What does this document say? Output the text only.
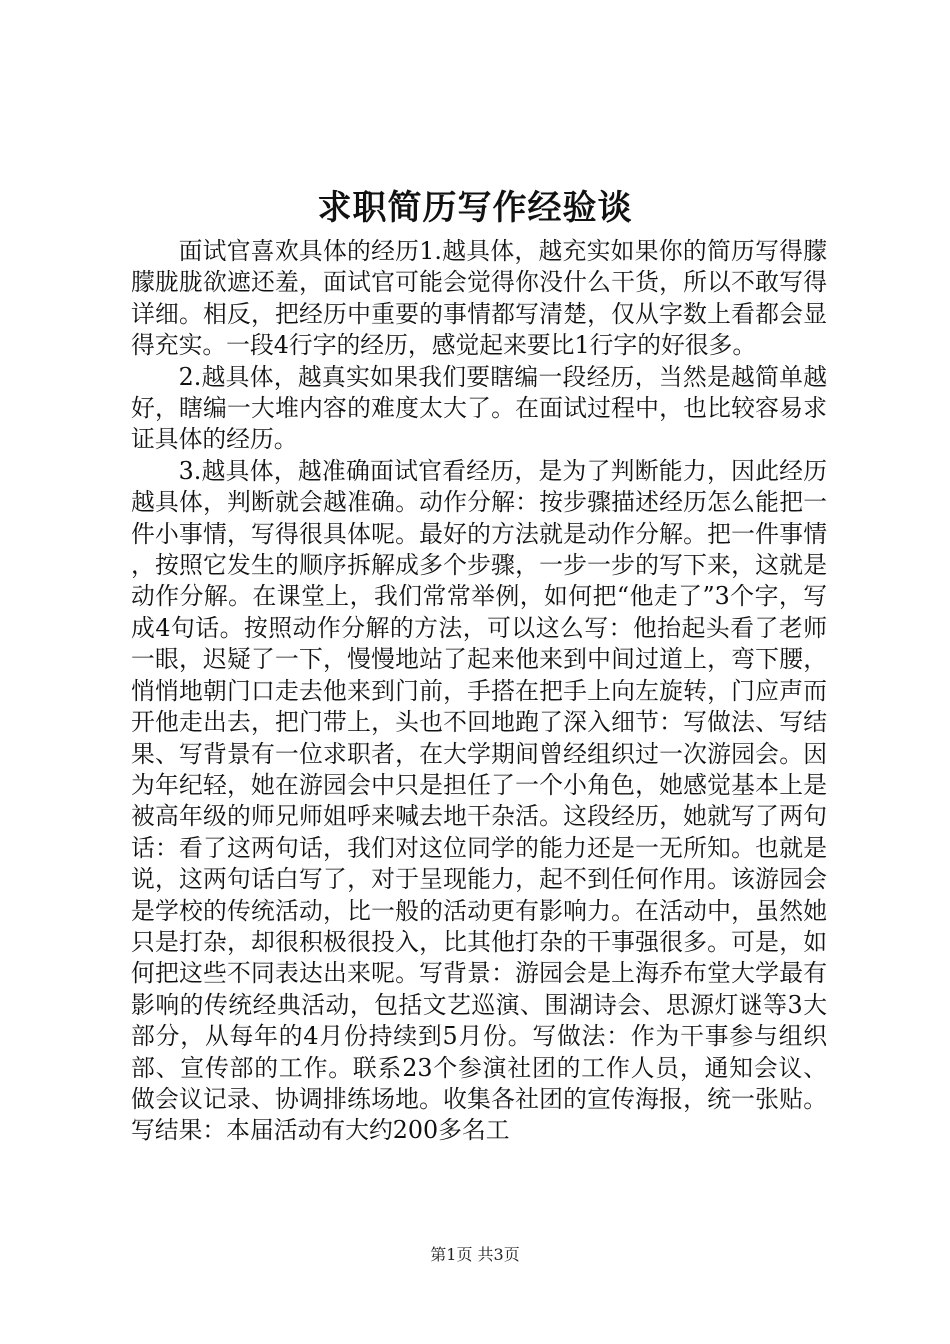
求职简历写作经验谈

面试官喜欢具体的经历1.越具体，越充实如果你的简历写得朦朦胧胧欲遮还羞，面试官可能会觉得你没什么干货，所以不敢写得详细。相反，把经历中重要的事情都写清楚，仅从字数上看都会显得充实。一段4行字的经历，感觉起来要比1行字的好很多。

2.越具体，越真实如果我们要瞎编一段经历，当然是越简单越好，瞎编一大堆内容的难度太大了。在面试过程中，也比较容易求证具体的经历。

3.越具体，越准确面试官看经历，是为了判断能力，因此经历越具体，判断就会越准确。动作分解：按步骤描述经历怎么能把一件小事情，写得很具体呢。最好的方法就是动作分解。把一件事情，按照它发生的顺序拆解成多个步骤，一步一步的写下来，这就是动作分解。在课堂上，我们常常举例，如何把“他走了”3个字，写成4句话。按照动作分解的方法，可以这么写：他抬起头看了老师一眼，迟疑了一下，慢慢地站了起来他来到中间过道上，弯下腰，悄悄地朝门口走去他来到门前，手搭在把手上向左旋转，门应声而开他走出去，把门带上，头也不回地跑了深入细节：写做法、写结果、写背景有一位求职者，在大学期间曾经组织过一次游园会。因为年纪轻，她在游园会中只是担任了一个小角色，她感觉基本上是被高年级的师兄师姐呼来喊去地干杂活。这段经历，她就写了两句话：看了这两句话，我们对这位同学的能力还是一无所知。也就是说，这两句话白写了，对于呈现能力，起不到任何作用。该游园会是学校的传统活动，比一般的活动更有影响力。在活动中，虽然她只是打杂，却很积极很投入，比其他打杂的干事强很多。可是，如何把这些不同表达出来呢。写背景：游园会是上海乔布堂大学最有影响的传统经典活动，包括文艺巡演、围湖诗会、思源灯谜等3大部分，从每年的4月份持续到5月份。写做法：作为干事参与组织部、宣传部的工作。联系23个参演社团的工作人员，通知会议、做会议记录、协调排练场地。收集各社团的宣传海报，统一张贴。写结果：本届活动有大约200多名工

第1页 共3页
